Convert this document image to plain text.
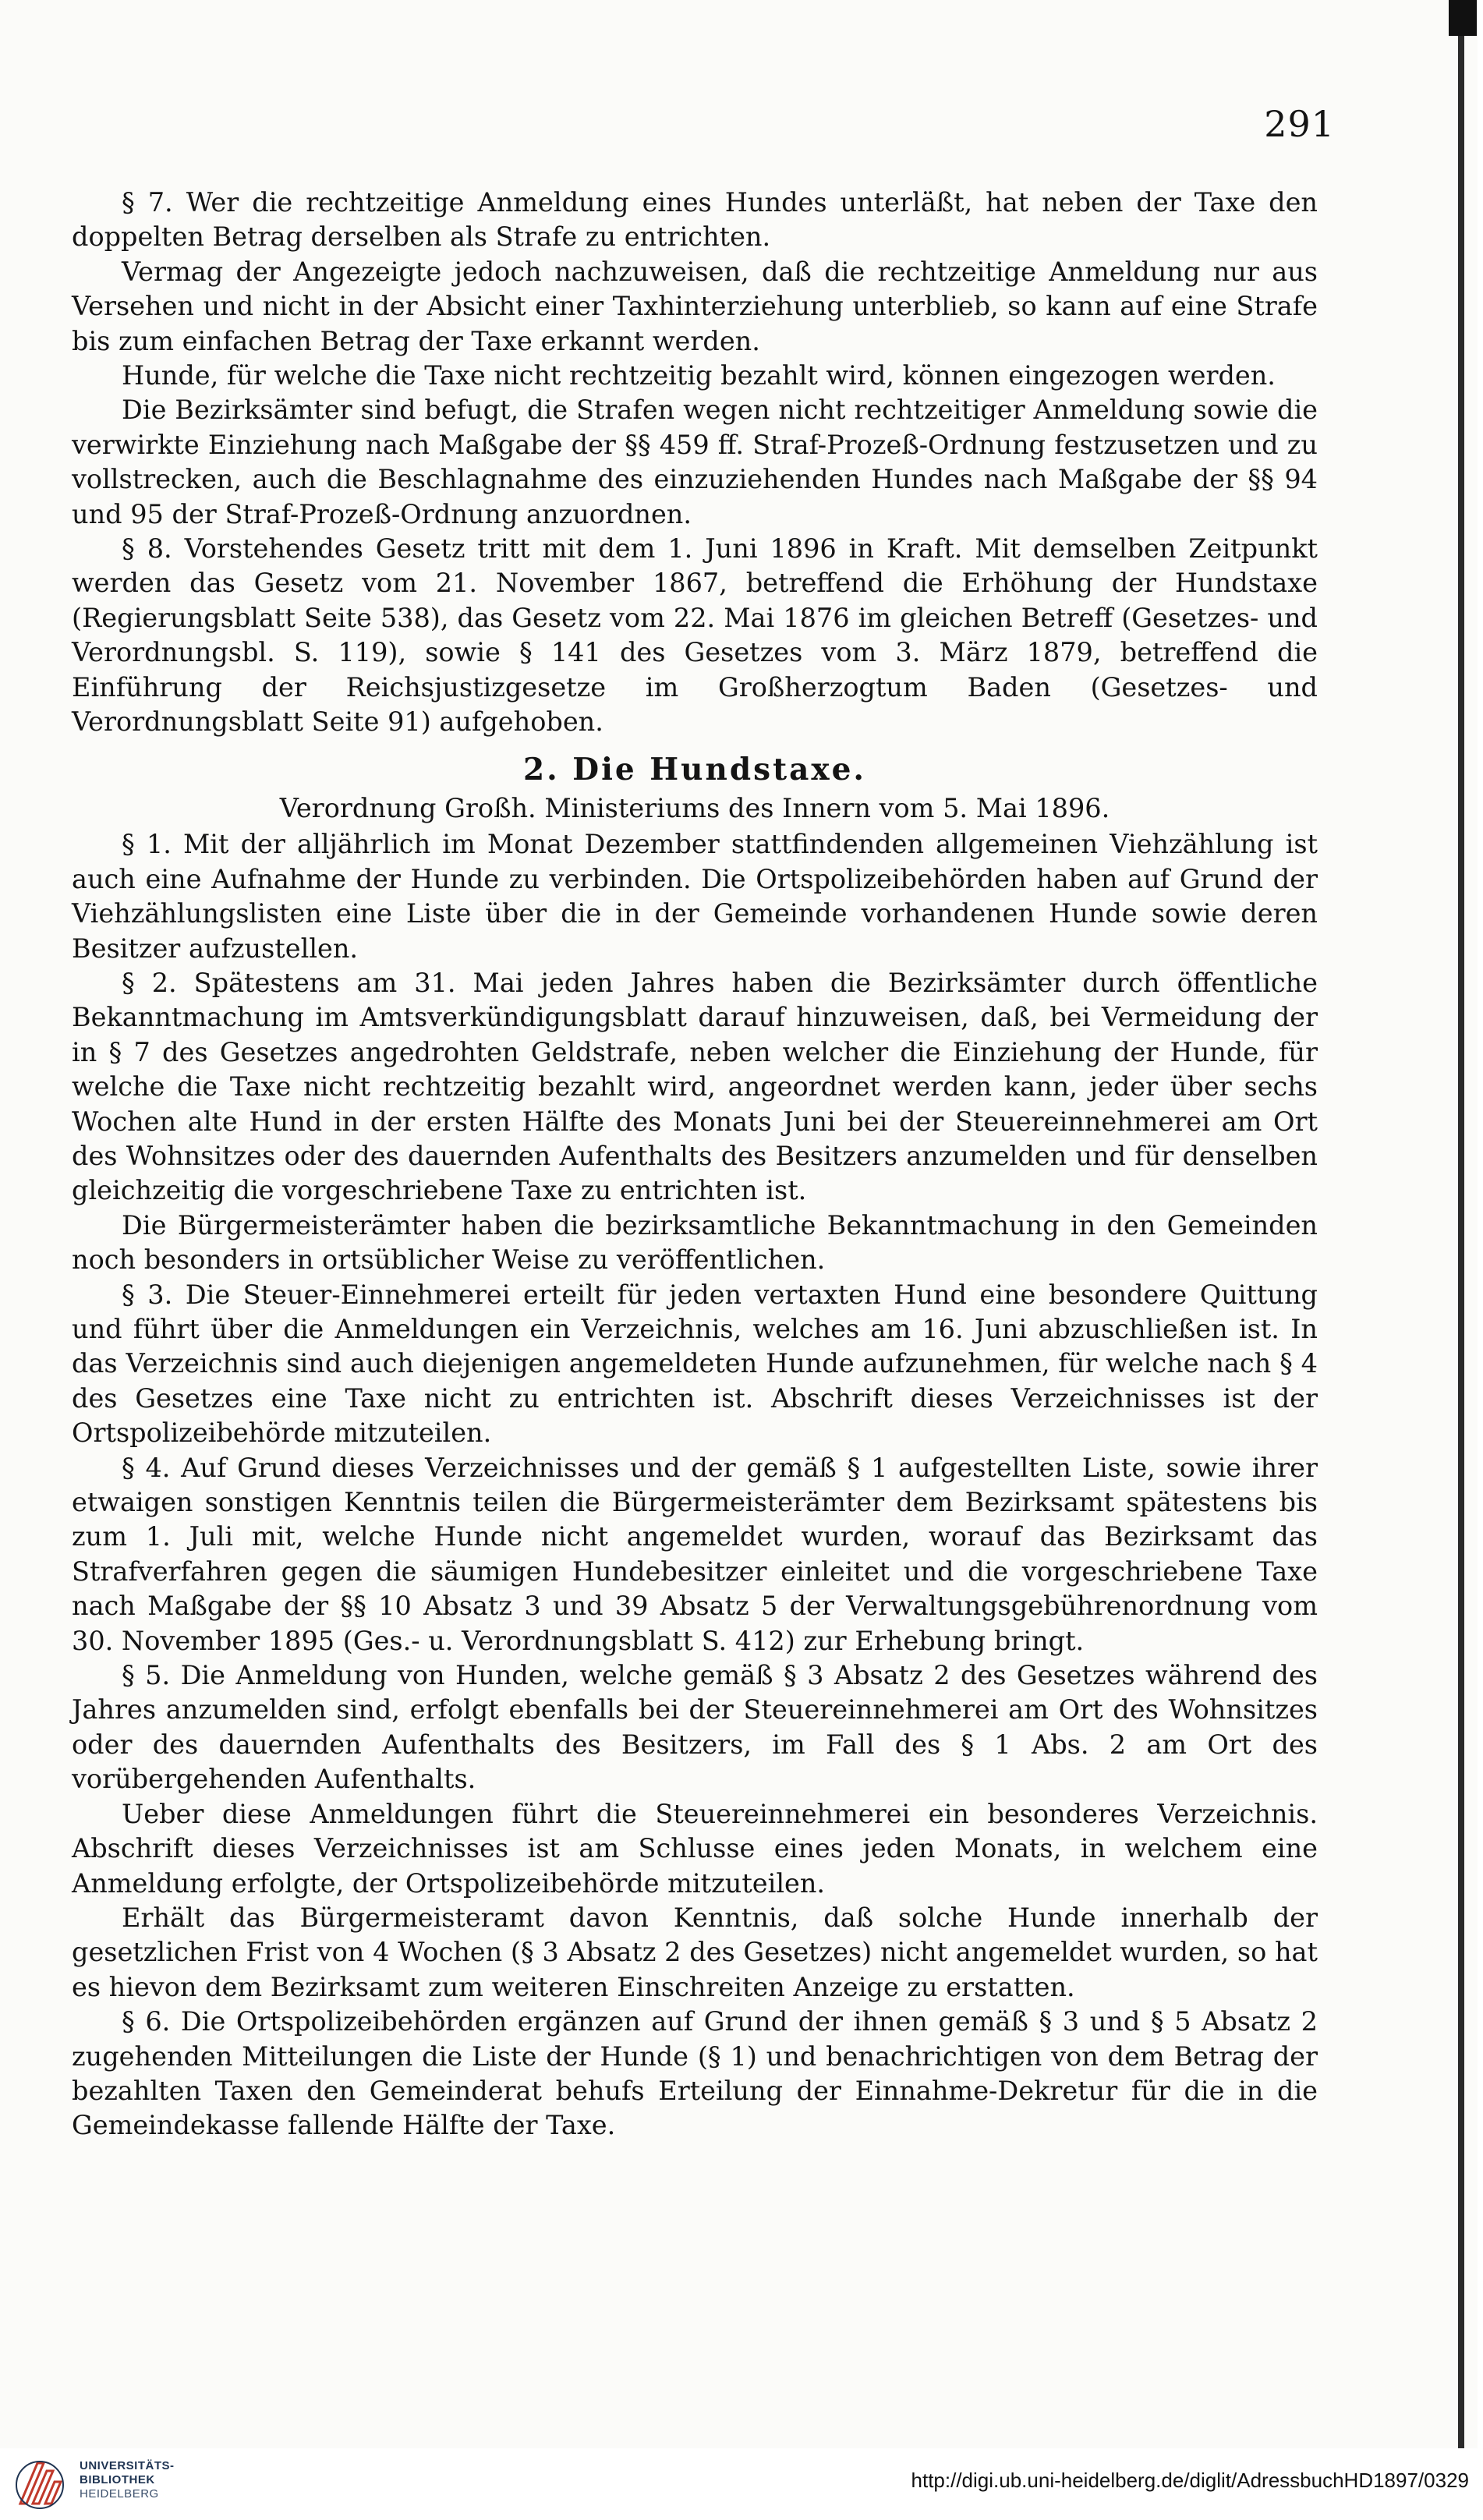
291

§ 7. Wer die rechtzeitige Anmeldung eines Hundes unterläßt, hat neben der Taxe den doppelten Betrag derselben als Strafe zu entrichten.

Vermag der Angezeigte jedoch nachzuweisen, daß die rechtzeitige Anmeldung nur aus Versehen und nicht in der Absicht einer Taxhinterziehung unterblieb, so kann auf eine Strafe bis zum einfachen Betrag der Taxe erkannt werden.

Hunde, für welche die Taxe nicht rechtzeitig bezahlt wird, können eingezogen werden.

Die Bezirksämter sind befugt, die Strafen wegen nicht rechtzeitiger Anmeldung sowie die verwirkte Einziehung nach Maßgabe der §§ 459 ff. Straf-Prozeß-Ordnung festzusetzen und zu vollstrecken, auch die Beschlagnahme des einzuziehenden Hundes nach Maßgabe der §§ 94 und 95 der Straf-Prozeß-Ordnung anzuordnen.

§ 8. Vorstehendes Gesetz tritt mit dem 1. Juni 1896 in Kraft. Mit demselben Zeitpunkt werden das Gesetz vom 21. November 1867, betreffend die Erhöhung der Hundstaxe (Regierungsblatt Seite 538), das Gesetz vom 22. Mai 1876 im gleichen Betreff (Gesetzes- und Verordnungsbl. S. 119), sowie § 141 des Gesetzes vom 3. März 1879, betreffend die Einführung der Reichsjustizgesetze im Großherzogtum Baden (Gesetzes- und Verordnungsblatt Seite 91) aufgehoben.

2. Die Hundstaxe.

Verordnung Großh. Ministeriums des Innern vom 5. Mai 1896.

§ 1. Mit der alljährlich im Monat Dezember stattfindenden allgemeinen Viehzählung ist auch eine Aufnahme der Hunde zu verbinden. Die Ortspolizeibehörden haben auf Grund der Viehzählungslisten eine Liste über die in der Gemeinde vorhandenen Hunde sowie deren Besitzer aufzustellen.

§ 2. Spätestens am 31. Mai jeden Jahres haben die Bezirksämter durch öffentliche Bekanntmachung im Amtsverkündigungsblatt darauf hinzuweisen, daß, bei Vermeidung der in § 7 des Gesetzes angedrohten Geldstrafe, neben welcher die Einziehung der Hunde, für welche die Taxe nicht rechtzeitig bezahlt wird, angeordnet werden kann, jeder über sechs Wochen alte Hund in der ersten Hälfte des Monats Juni bei der Steuereinnehmerei am Ort des Wohnsitzes oder des dauernden Aufenthalts des Besitzers anzumelden und für denselben gleichzeitig die vorgeschriebene Taxe zu entrichten ist.

Die Bürgermeisterämter haben die bezirksamtliche Bekanntmachung in den Gemeinden noch besonders in ortsüblicher Weise zu veröffentlichen.

§ 3. Die Steuer-Einnehmerei erteilt für jeden vertaxten Hund eine besondere Quittung und führt über die Anmeldungen ein Verzeichnis, welches am 16. Juni abzuschließen ist. In das Verzeichnis sind auch diejenigen angemeldeten Hunde aufzunehmen, für welche nach § 4 des Gesetzes eine Taxe nicht zu entrichten ist. Abschrift dieses Verzeichnisses ist der Ortspolizeibehörde mitzuteilen.

§ 4. Auf Grund dieses Verzeichnisses und der gemäß § 1 aufgestellten Liste, sowie ihrer etwaigen sonstigen Kenntnis teilen die Bürgermeisterämter dem Bezirksamt spätestens bis zum 1. Juli mit, welche Hunde nicht angemeldet wurden, worauf das Bezirksamt das Strafverfahren gegen die säumigen Hundebesitzer einleitet und die vorgeschriebene Taxe nach Maßgabe der §§ 10 Absatz 3 und 39 Absatz 5 der Verwaltungsgebührenordnung vom 30. November 1895 (Ges.- u. Verordnungsblatt S. 412) zur Erhebung bringt.

§ 5. Die Anmeldung von Hunden, welche gemäß § 3 Absatz 2 des Gesetzes während des Jahres anzumelden sind, erfolgt ebenfalls bei der Steuereinnehmerei am Ort des Wohnsitzes oder des dauernden Aufenthalts des Besitzers, im Fall des § 1 Abs. 2 am Ort des vorübergehenden Aufenthalts.

Ueber diese Anmeldungen führt die Steuereinnehmerei ein besonderes Verzeichnis. Abschrift dieses Verzeichnisses ist am Schlusse eines jeden Monats, in welchem eine Anmeldung erfolgte, der Ortspolizeibehörde mitzuteilen.

Erhält das Bürgermeisteramt davon Kenntnis, daß solche Hunde innerhalb der gesetzlichen Frist von 4 Wochen (§ 3 Absatz 2 des Gesetzes) nicht angemeldet wurden, so hat es hievon dem Bezirksamt zum weiteren Einschreiten Anzeige zu erstatten.

§ 6. Die Ortspolizeibehörden ergänzen auf Grund der ihnen gemäß § 3 und § 5 Absatz 2 zugehenden Mitteilungen die Liste der Hunde (§ 1) und benachrichtigen von dem Betrag der bezahlten Taxen den Gemeinderat behufs Erteilung der Einnahme-Dekretur für die in die Gemeindekasse fallende Hälfte der Taxe.

UNIVERSITÄTS-
BIBLIOTHEK
HEIDELBERG
http://digi.ub.uni-heidelberg.de/diglit/AdressbuchHD1897/0329
